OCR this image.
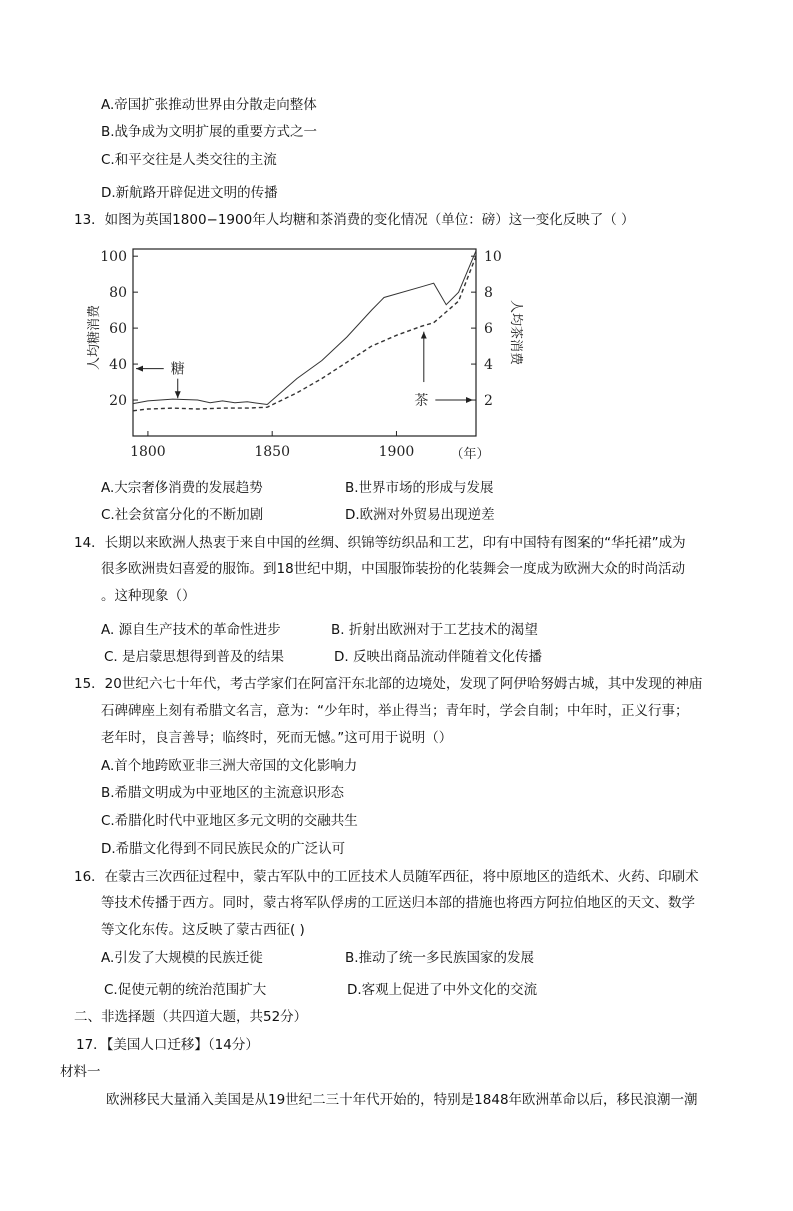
A.帝国扩张推动世界由分散走向整体
B.战争成为文明扩展的重要方式之一
C.和平交往是人类交往的主流
D.新航路开辟促进文明的传播
13．如图为英国1800−1900年人均糖和茶消费的变化情况（单位：磅）这一变化反映了（ ）
20
40
60
80
100
2
4
6
8
10
1800	1850	1900	（年）
人均糖消费	人均茶消费
糖
茶
A.大宗奢侈消费的发展趋势	B.世界市场的形成与发展
C.社会贫富分化的不断加剧	D.欧洲对外贸易出现逆差
14．长期以来欧洲人热衷于来自中国的丝绸、织锦等纺织品和工艺，印有中国特有图案的“华托裙”成为
很多欧洲贵妇喜爱的服饰。到18世纪中期，中国服饰装扮的化装舞会一度成为欧洲大众的时尚活动
。这种现象（）
A. 源自生产技术的革命性进步	B. 折射出欧洲对于工艺技术的渴望
C. 是启蒙思想得到普及的结果	D. 反映出商品流动伴随着文化传播
15．20世纪六七十年代，考古学家们在阿富汗东北部的边境处，发现了阿伊哈努姆古城，其中发现的神庙
石碑碑座上刻有希腊文名言，意为：“少年时，举止得当；青年时，学会自制；中年时，正义行事；
老年时，良言善导；临终时，死而无憾。”这可用于说明（）
A.首个地跨欧亚非三洲大帝国的文化影响力
B.希腊文明成为中亚地区的主流意识形态
C.希腊化时代中亚地区多元文明的交融共生
D.希腊文化得到不同民族民众的广泛认可
16．在蒙古三次西征过程中，蒙古军队中的工匠技术人员随军西征，将中原地区的造纸术、火药、印刷术
等技术传播于西方。同时，蒙古将军队俘虏的工匠送归本部的措施也将西方阿拉伯地区的天文、数学
等文化东传。这反映了蒙古西征( )
A.引发了大规模的民族迁徙	B.推动了统一多民族国家的发展
C.促使元朝的统治范围扩大	D.客观上促进了中外文化的交流
二、非选择题（共四道大题，共52分）
17．【美国人口迁移】（14分）
材料一
欧洲移民大量涌入美国是从19世纪二三十年代开始的，特别是1848年欧洲革命以后，移民浪潮一潮
